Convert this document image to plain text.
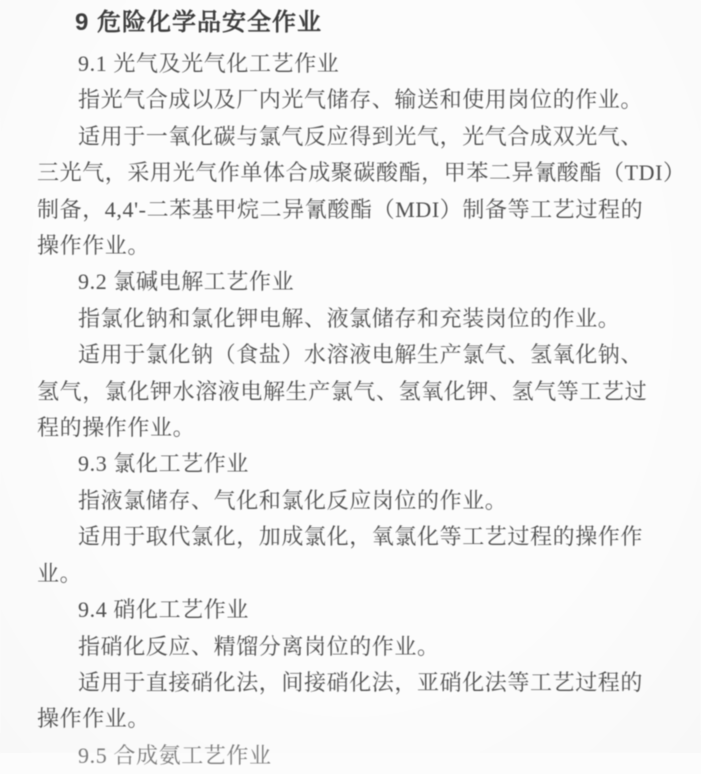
9 危险化学品安全作业
9.1 光气及光气化工艺作业
指光气合成以及厂内光气储存、输送和使用岗位的作业。
适用于一氧化碳与氯气反应得到光气，光气合成双光气、
三光气，采用光气作单体合成聚碳酸酯，甲苯二异氰酸酯（TDI）
制备，4,4'-二苯基甲烷二异氰酸酯（MDI）制备等工艺过程的
操作作业。
9.2 氯碱电解工艺作业
指氯化钠和氯化钾电解、液氯储存和充装岗位的作业。
适用于氯化钠（食盐）水溶液电解生产氯气、氢氧化钠、
氢气，氯化钾水溶液电解生产氯气、氢氧化钾、氢气等工艺过
程的操作作业。
9.3 氯化工艺作业
指液氯储存、气化和氯化反应岗位的作业。
适用于取代氯化，加成氯化，氧氯化等工艺过程的操作作
业。
9.4 硝化工艺作业
指硝化反应、精馏分离岗位的作业。
适用于直接硝化法，间接硝化法，亚硝化法等工艺过程的
操作作业。
9.5 合成氨工艺作业
